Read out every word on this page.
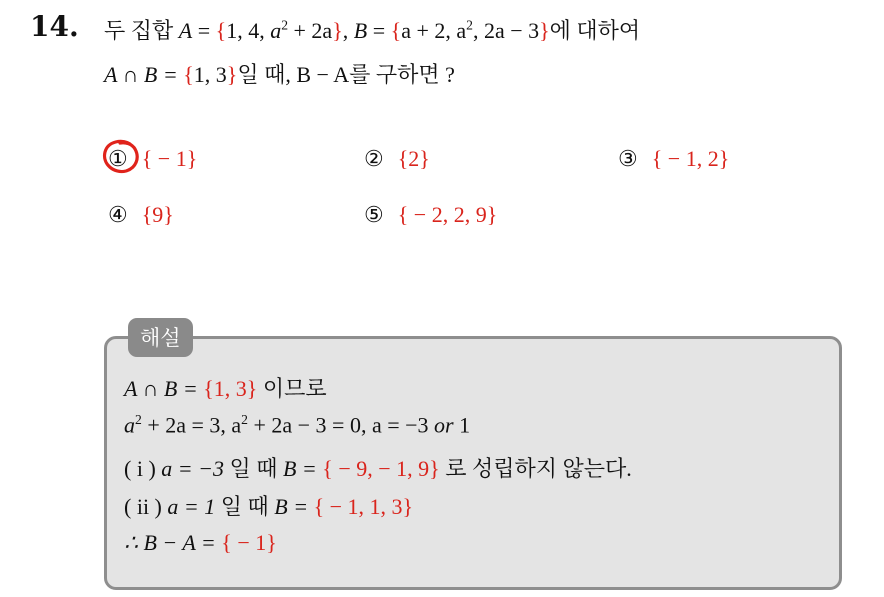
14. 두 집합 A = {1, 4, $a^2 + 2a$}, B = {a + 2, $a^2$, 2a − 3}에 대하여
A ∩ B = {1, 3}일 때, B − A를 구하면 ?
① { − 1}	② {2}	③ { − 1, 2}
④ {9}	⑤ { − 2, 2, 9}
해설
A ∩ B = {1, 3} 이므로
$a^2 + 2a = 3$, $a^2 + 2a - 3 = 0$, a = −3 or 1
( i ) a = −3 일 때 B = { − 9, − 1, 9} 로 성립하지 않는다.
( ii ) a = 1 일 때 B = { − 1, 1, 3}
∴ B − A = { − 1}
